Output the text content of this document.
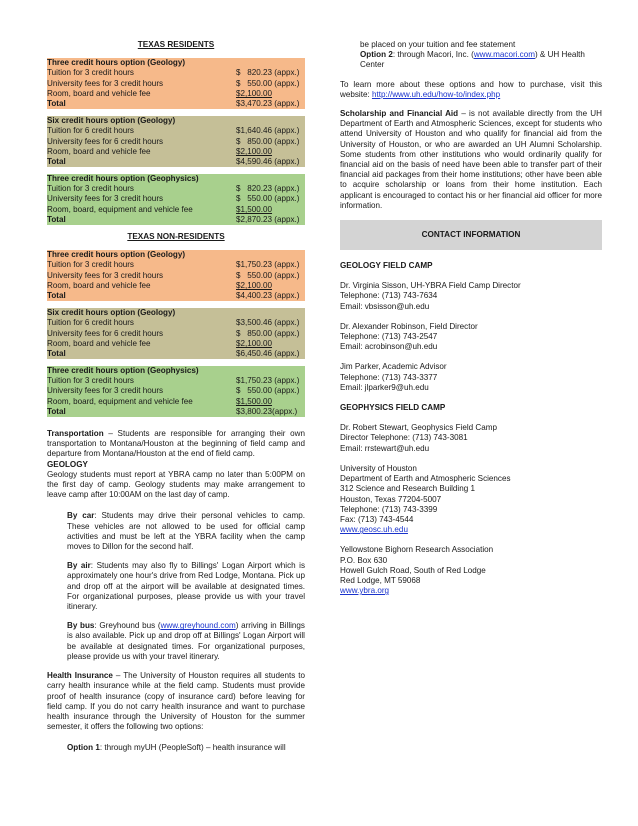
TEXAS RESIDENTS
Three credit hours option (Geology)
Tuition for 3 credit hours	$   820.23 (appx.)
University fees for 3 credit hours	$   550.00 (appx.)
Room, board and vehicle fee	$2,100.00
Total	$3,470.23 (appx.)
Six credit hours option (Geology)
Tuition for 6 credit hours	$1,640.46 (appx.)
University fees for 6 credit hours	$   850.00 (appx.)
Room, board and vehicle fee	$2,100.00
Total	$4,590.46 (appx.)
Three credit hours option (Geophysics)
Tuition for 3 credit hours	$   820.23 (appx.)
University fees for 3 credit hours	$   550.00 (appx.)
Room, board, equipment and vehicle fee	$1,500.00
Total	$2,870.23 (appx.)
TEXAS NON-RESIDENTS
Three credit hours option (Geology)
Tuition for 3 credit hours	$1,750.23 (appx.)
University fees for 3 credit hours	$   550.00 (appx.)
Room, board and vehicle fee	$2,100.00
Total	$4,400.23 (appx.)
Six credit hours option (Geology)
Tuition for 6 credit hours	$3,500.46 (appx.)
University fees for 6 credit hours	$   850.00 (appx.)
Room, board and vehicle fee	$2,100.00
Total	$6,450.46 (appx.)
Three credit hours option (Geophysics)
Tuition for 3 credit hours	$1,750.23 (appx.)
University fees for 3 credit hours	$   550.00 (appx.)
Room, board, equipment and vehicle fee	$1,500.00
Total	$3,800.23(appx.)

Transportation – Students are responsible for arranging their own transportation to Montana/Houston at the beginning of field camp and departure from Montana/Houston at the end of field camp.

GEOLOGY

Geology students must report at YBRA camp no later than 5:00PM on the first day of camp. Geology students may make arrangement to leave camp after 10:00AM on the last day of camp.

By car: Students may drive their personal vehicles to camp. These vehicles are not allowed to be used for official camp activities and must be left at the YBRA facility when the camp moves to Dillon for the second half.

By air: Students may also fly to Billings' Logan Airport which is approximately one hour's drive from Red Lodge, Montana. Pick up and drop off at the airport will be available at designated times. For organizational purposes, please provide us with your travel itinerary.

By bus: Greyhound bus (www.greyhound.com) arriving in Billings is also available. Pick up and drop off at Billings' Logan Airport will be available at designated times. For organizational purposes, please provide us with your travel itinerary.

Health Insurance – The University of Houston requires all students to carry health insurance while at the field camp. Students must provide proof of health insurance (copy of insurance card) before leaving for field camp. If you do not carry health insurance and want to purchase health insurance through the University of Houston for the summer semester, it offers the following two options:

Option 1: through myUH (PeopleSoft) – health insurance will

be placed on your tuition and fee statement
Option 2: through Macori, Inc. (www.macori.com) & UH Health Center

To learn more about these options and how to purchase, visit this website: http://www.uh.edu/how-to/index.php

Scholarship and Financial Aid – is not available directly from the UH Department of Earth and Atmospheric Sciences, except for students who attend University of Houston and who qualify for financial aid from the University of Houston, or who are awarded an UH Alumni Scholarship. Some students from other institutions who would ordinarily qualify for financial aid on the basis of need have been able to transfer part of their financial aid packages from their home institutions; other have been able to acquire scholarship or loans from their home institution. Each applicant is encouraged to contact his or her financial aid officer for more information.

CONTACT INFORMATION
GEOLOGY FIELD CAMP
Dr. Virginia Sisson, UH-YBRA Field Camp Director
Telephone: (713) 743-7634
Email: vbsisson@uh.edu
Dr. Alexander Robinson, Field Director
Telephone: (713) 743-2547
Email: acrobinson@uh.edu
Jim Parker, Academic Advisor
Telephone: (713) 743-3377
Email: jlparker9@uh.edu
GEOPHYSICS FIELD CAMP
Dr. Robert Stewart, Geophysics Field Camp
Director Telephone: (713) 743-3081
Email: rrstewart@uh.edu
University of Houston
Department of Earth and Atmospheric Sciences
312 Science and Research Building 1
Houston, Texas 77204-5007
Telephone: (713) 743-3399
Fax: (713) 743-4544
www.geosc.uh.edu
Yellowstone Bighorn Research Association
P.O. Box 630
Howell Gulch Road, South of Red Lodge
Red Lodge, MT 59068
www.ybra.org
